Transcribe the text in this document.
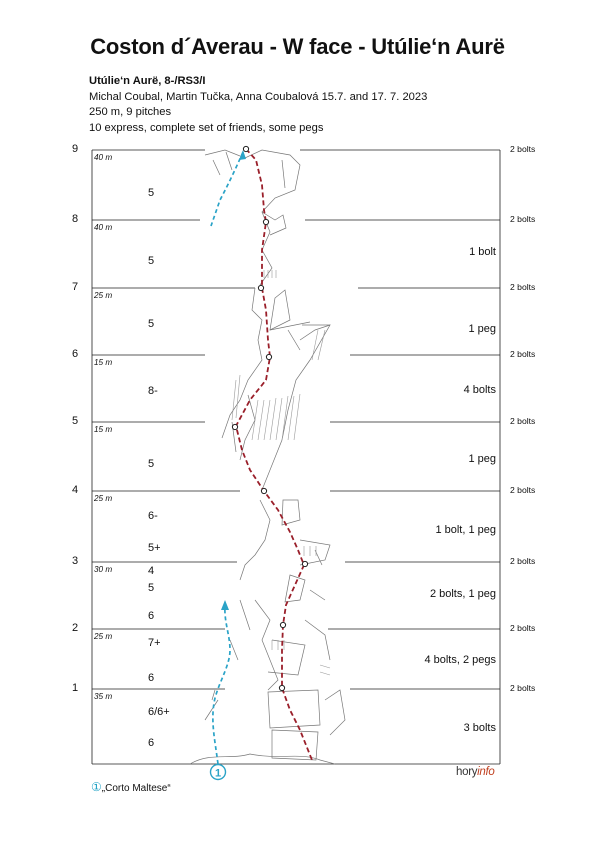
Coston d´Averau - W face - Utúlie‘n Aurë
Utúlie‘n Aurë, 8-/RS3/I
Michal Coubal, Martin Tučka, Anna Coubalová 15.7. and 17. 7. 2023
250 m, 9 pitches
10 express, complete set of friends, some pegs
1
1
2
3
4
5
6
7
8
9
35 m
25 m
30 m
25 m
15 m
15 m
25 m
40 m
40 m
6
6/6+
6
7+
6
5
4
5+
6-
5
8-
5
5
5
3 bolts
4 bolts, 2 pegs
2 bolts, 1 peg
1 bolt, 1 peg
1 peg
4 bolts
1 peg
1 bolt
2 bolts
2 bolts
2 bolts
2 bolts
2 bolts
2 bolts
2 bolts
2 bolts
2 bolts
horyinfo
①„Corto Maltese“
